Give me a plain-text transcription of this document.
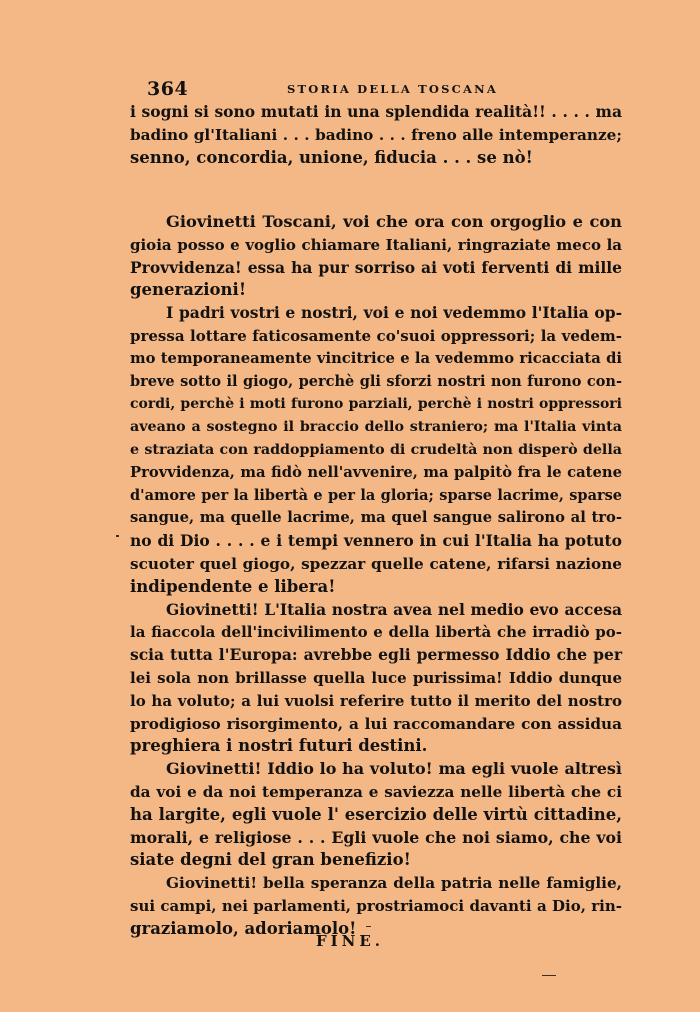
364	STORIA DELLA TOSCANA
i sogni si sono mutati in una splendida realità!! . . . . ma
badino gl'Italiani . . . badino . . . freno alle intemperanze;
senno, concordia, unione, fiducia . . . se nò!
Giovinetti Toscani, voi che ora con orgoglio e con
gioia posso e voglio chiamare Italiani, ringraziate meco la
Provvidenza! essa ha pur sorriso ai voti ferventi di mille
generazioni!
I padri vostri e nostri, voi e noi vedemmo l'Italia op-
pressa lottare faticosamente co'suoi oppressori; la vedem-
mo temporaneamente vincitrice e la vedemmo ricacciata di
breve sotto il giogo, perchè gli sforzi nostri non furono con-
cordi, perchè i moti furono parziali, perchè i nostri oppressori
aveano a sostegno il braccio dello straniero; ma l'Italia vinta
e straziata con raddoppiamento di crudeltà non disperò della
Provvidenza, ma fidò nell'avvenire, ma palpitò fra le catene
d'amore per la libertà e per la gloria; sparse lacrime, sparse
sangue, ma quelle lacrime, ma quel sangue salirono al tro-
no di Dio . . . . e i tempi vennero in cui l'Italia ha potuto
scuoter quel giogo, spezzar quelle catene, rifarsi nazione
indipendente e libera!
Giovinetti! L'Italia nostra avea nel medio evo accesa
la fiaccola dell'incivilimento e della libertà che irradiò po-
scia tutta l'Europa: avrebbe egli permesso Iddio che per
lei sola non brillasse quella luce purissima! Iddio dunque
lo ha voluto; a lui vuolsi referire tutto il merito del nostro
prodigioso risorgimento, a lui raccomandare con assidua
preghiera i nostri futuri destini.
Giovinetti! Iddio lo ha voluto! ma egli vuole altresì
da voi e da noi temperanza e saviezza nelle libertà che ci
ha largite, egli vuole l' esercizio delle virtù cittadine,
morali, e religiose . . . Egli vuole che noi siamo, che voi
siate degni del gran benefizio!
Giovinetti! bella speranza della patria nelle famiglie,
sui campi, nei parlamenti, prostriamoci davanti a Dio, rin-
graziamolo, adoriamolo!
FINE.
